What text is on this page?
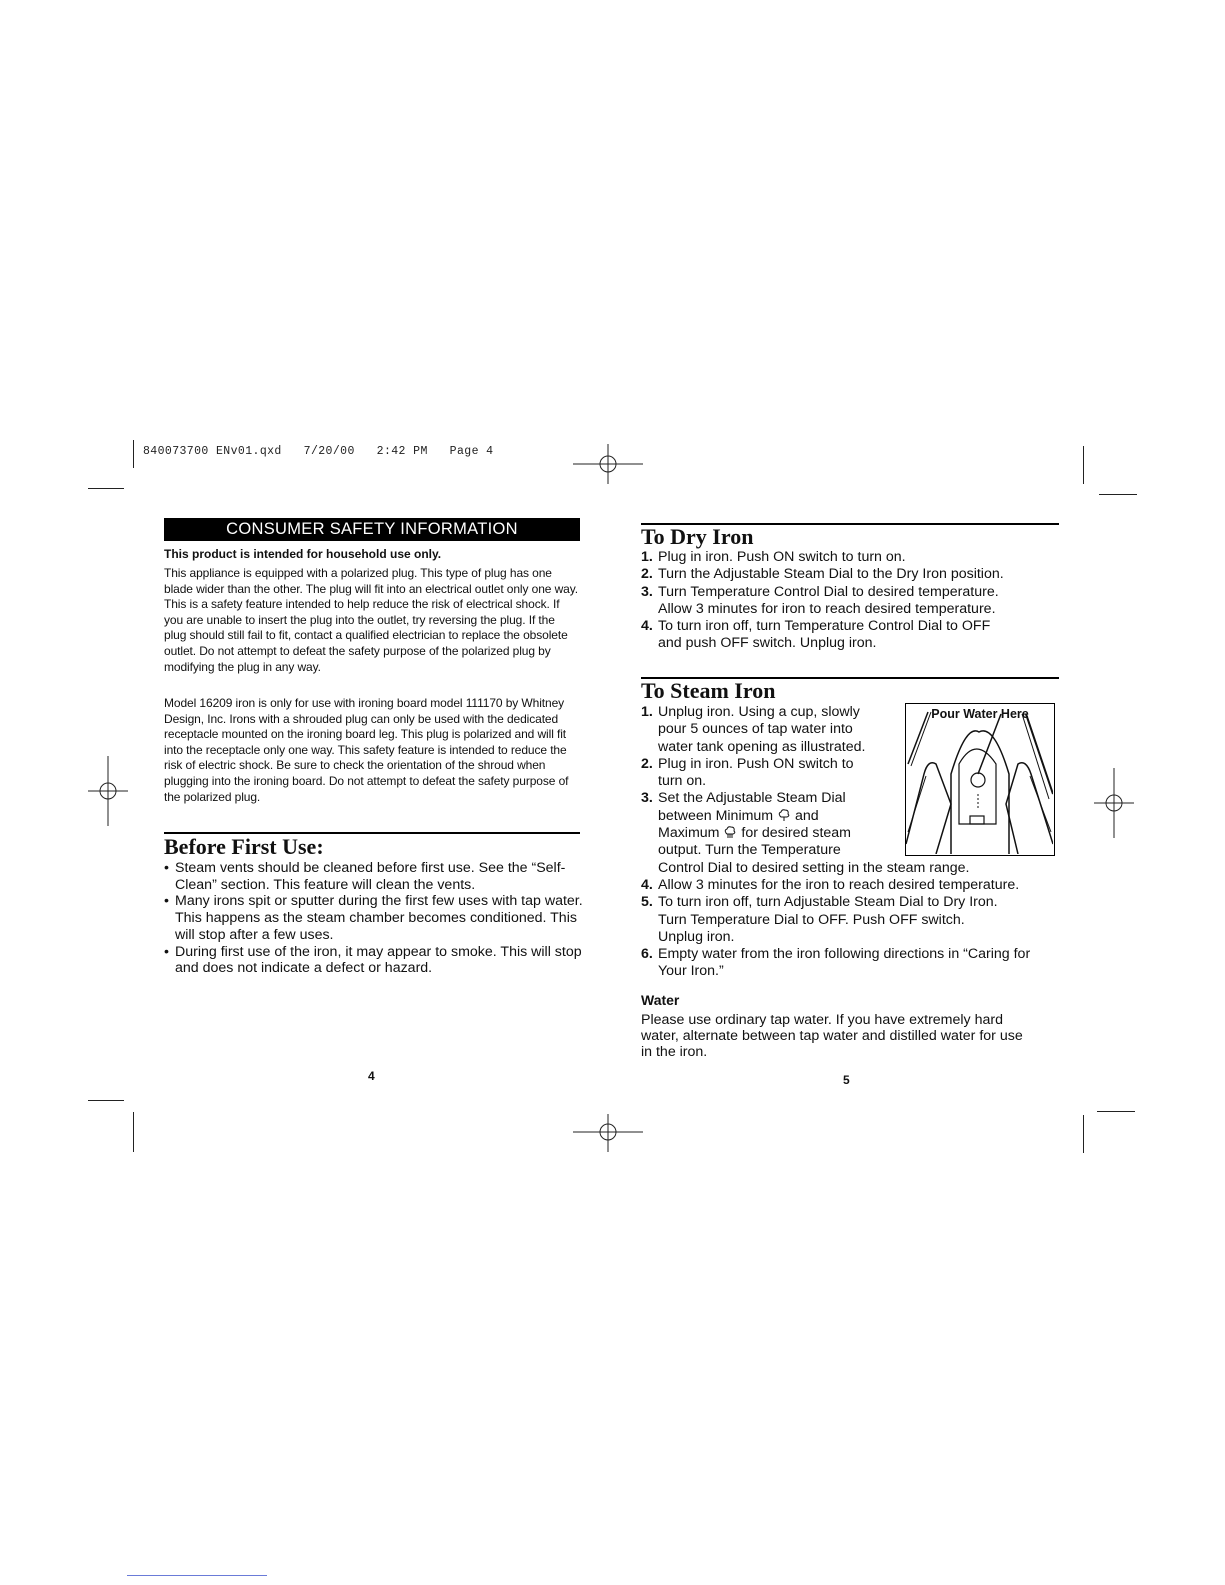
840073700 ENv01.qxd 7/20/00 2:42 PM Page 4
CONSUMER SAFETY INFORMATION
This product is intended for household use only.
This appliance is equipped with a polarized plug. This type of plug has one blade wider than the other. The plug will fit into an electrical outlet only one way. This is a safety feature intended to help reduce the risk of electrical shock. If you are unable to insert the plug into the outlet, try reversing the plug. If the plug should still fail to fit, contact a qualified electrician to replace the obsolete outlet. Do not attempt to defeat the safety purpose of the polarized plug by modifying the plug in any way.
Model 16209 iron is only for use with ironing board model 111170 by Whitney Design, Inc. Irons with a shrouded plug can only be used with the dedicated receptacle mounted on the ironing board leg. This plug is polarized and will fit into the receptacle only one way. This safety feature is intended to reduce the risk of electric shock. Be sure to check the orientation of the shroud when plugging into the ironing board. Do not attempt to defeat the safety purpose of the polarized plug.
Before First Use:
• Steam vents should be cleaned before first use. See the “Self-Clean” section. This feature will clean the vents.
• Many irons spit or sputter during the first few uses with tap water. This happens as the steam chamber becomes conditioned. This will stop after a few uses.
• During first use of the iron, it may appear to smoke. This will stop and does not indicate a defect or hazard.
4
To Dry Iron
1. Plug in iron. Push ON switch to turn on.
2. Turn the Adjustable Steam Dial to the Dry Iron position.
3. Turn Temperature Control Dial to desired temperature. Allow 3 minutes for iron to reach desired temperature.
4. To turn iron off, turn Temperature Control Dial to OFF and push OFF switch. Unplug iron.
To Steam Iron
1. Unplug iron. Using a cup, slowly pour 5 ounces of tap water into water tank opening as illustrated.
2. Plug in iron. Push ON switch to turn on.
3. Set the Adjustable Steam Dial between Minimum and Maximum for desired steam output. Turn the Temperature
Control Dial to desired setting in the steam range.
4. Allow 3 minutes for the iron to reach desired temperature.
5. To turn iron off, turn Adjustable Steam Dial to Dry Iron. Turn Temperature Dial to OFF. Push OFF switch. Unplug iron.
6. Empty water from the iron following directions in “Caring for Your Iron.”
Pour Water Here
Water
Please use ordinary tap water. If you have extremely hard water, alternate between tap water and distilled water for use in the iron.
5
